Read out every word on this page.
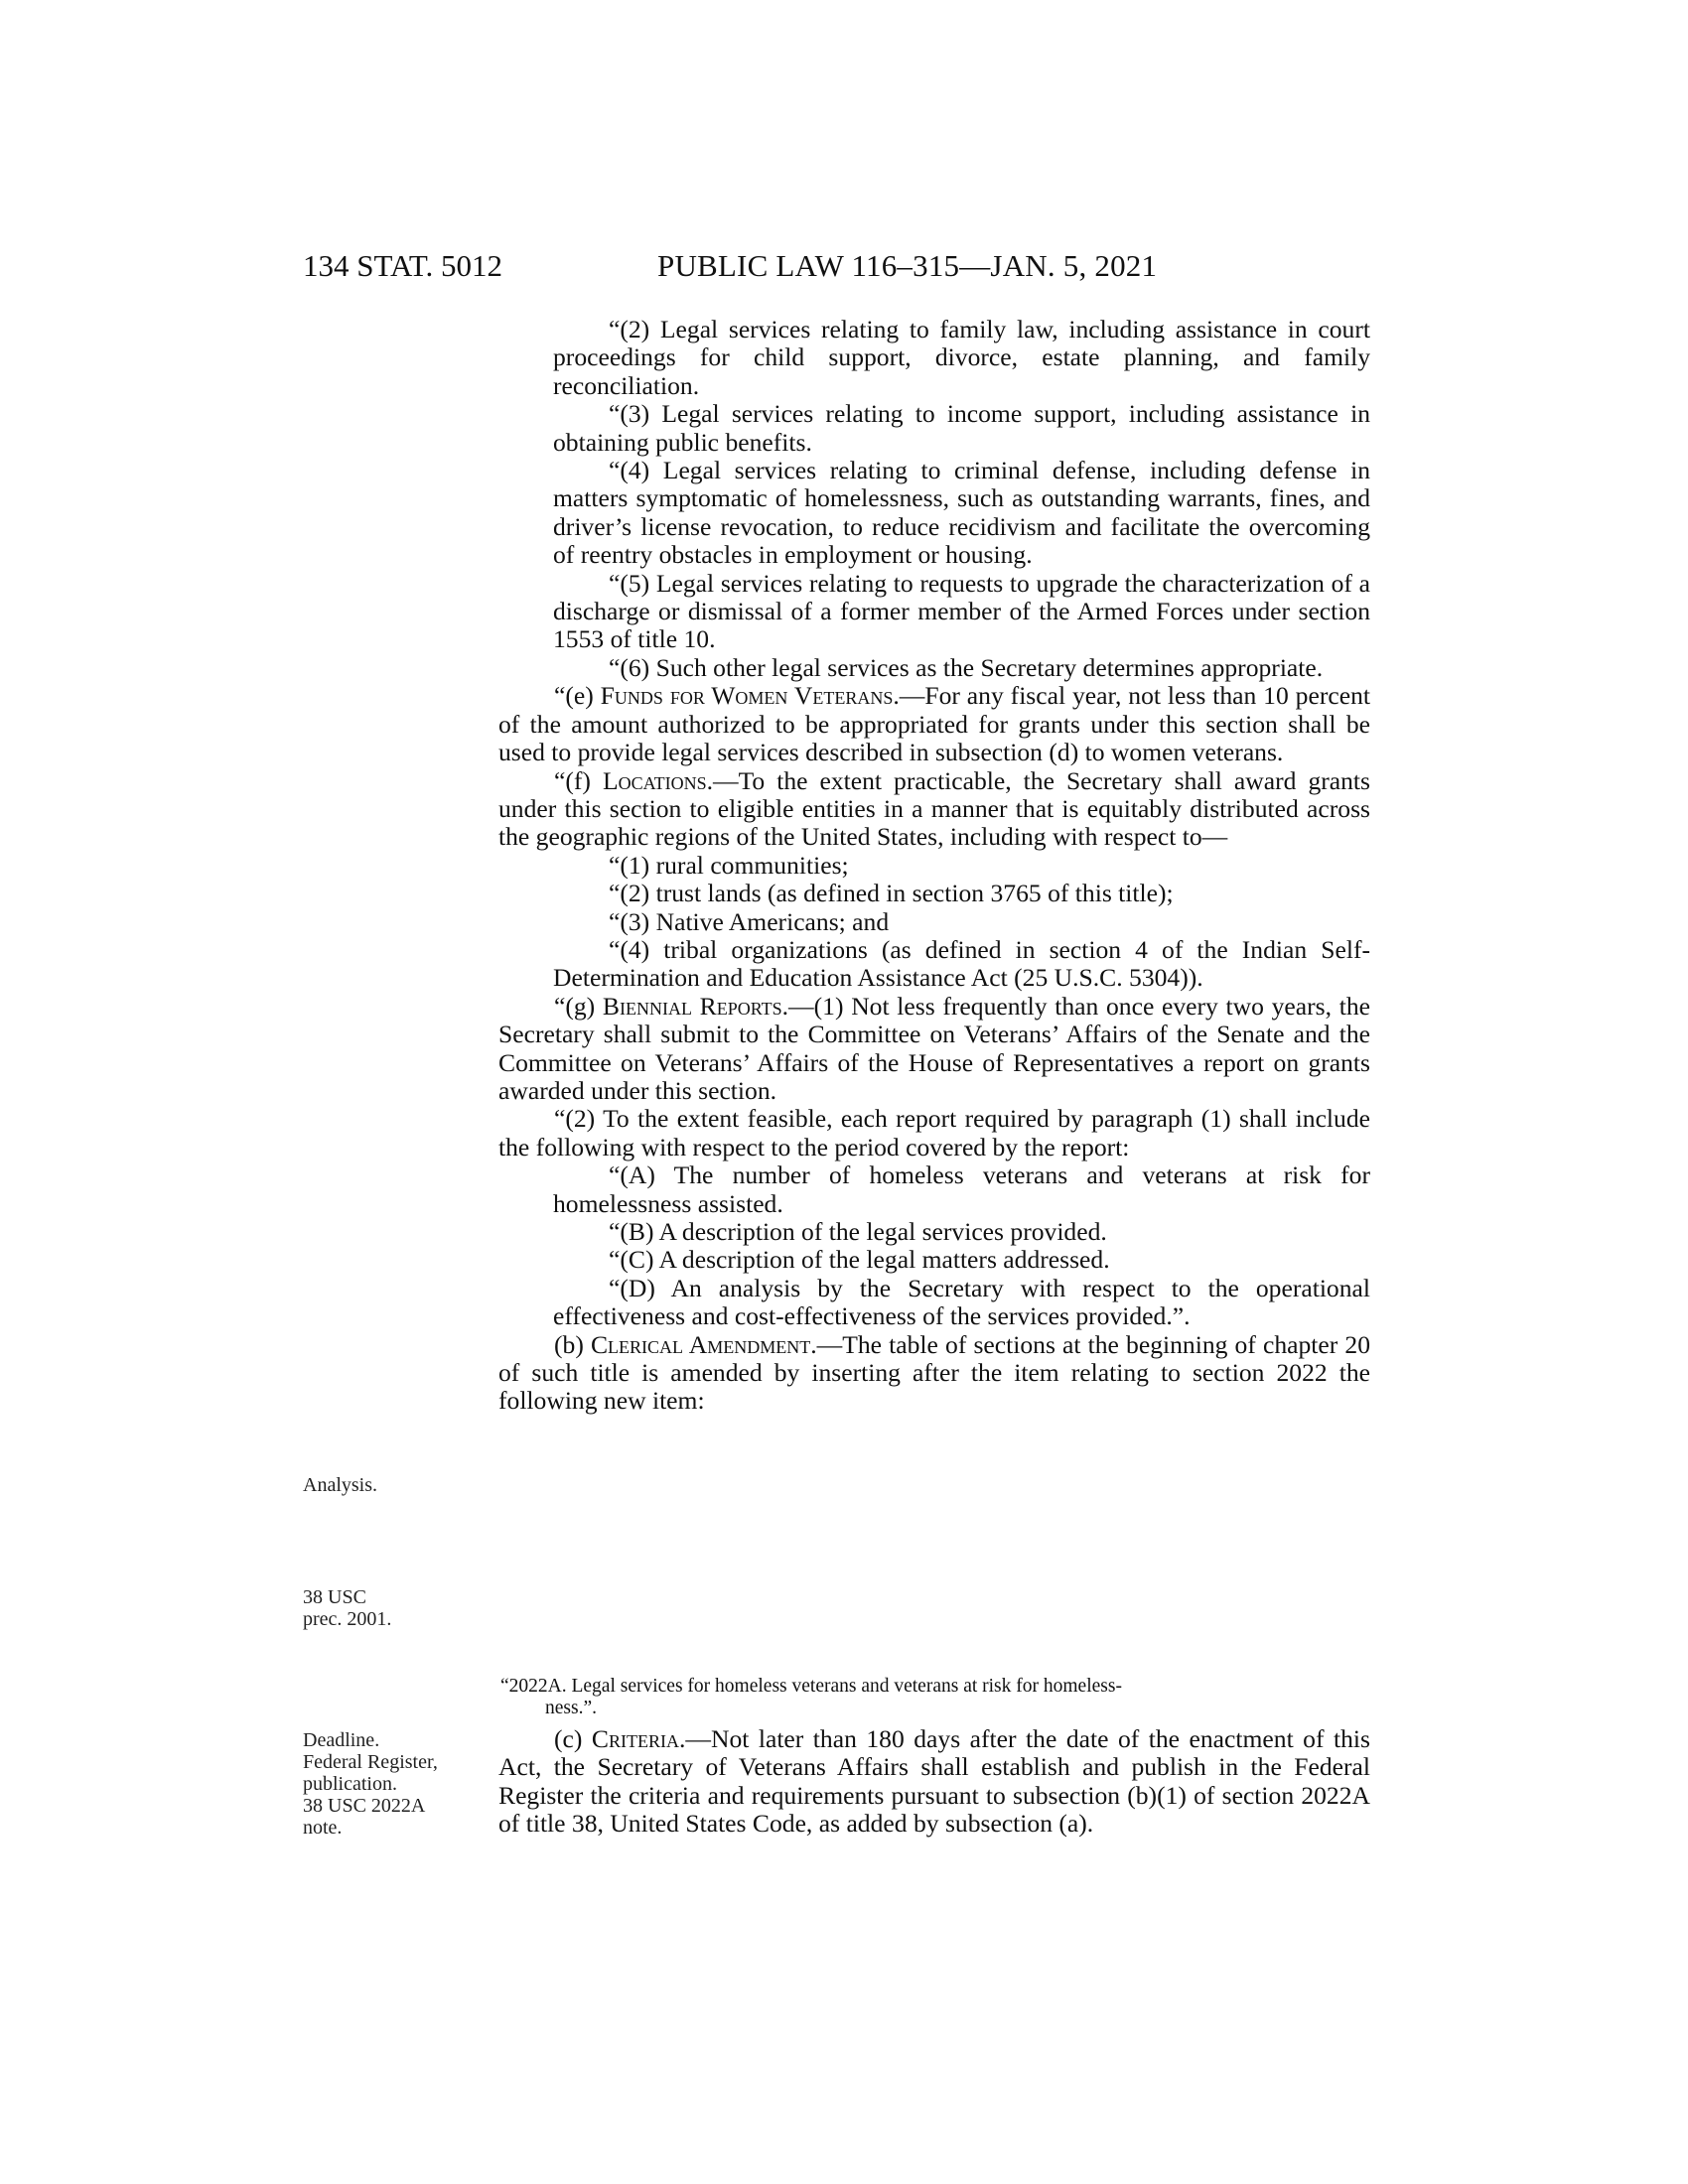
134 STAT. 5012	PUBLIC LAW 116–315—JAN. 5, 2021

“(2) Legal services relating to family law, including assistance in court proceedings for child support, divorce, estate planning, and family reconciliation.

“(3) Legal services relating to income support, including assistance in obtaining public benefits.

“(4) Legal services relating to criminal defense, including defense in matters symptomatic of homelessness, such as outstanding warrants, fines, and driver’s license revocation, to reduce recidivism and facilitate the overcoming of reentry obstacles in employment or housing.

“(5) Legal services relating to requests to upgrade the characterization of a discharge or dismissal of a former member of the Armed Forces under section 1553 of title 10.

“(6) Such other legal services as the Secretary determines appropriate.

“(e) Funds for Women Veterans.—For any fiscal year, not less than 10 percent of the amount authorized to be appropriated for grants under this section shall be used to provide legal services described in subsection (d) to women veterans.

“(f) Locations.—To the extent practicable, the Secretary shall award grants under this section to eligible entities in a manner that is equitably distributed across the geographic regions of the United States, including with respect to—

“(1) rural communities;

“(2) trust lands (as defined in section 3765 of this title);

“(3) Native Americans; and

“(4) tribal organizations (as defined in section 4 of the Indian Self-Determination and Education Assistance Act (25 U.S.C. 5304)).

“(g) Biennial Reports.—(1) Not less frequently than once every two years, the Secretary shall submit to the Committee on Veterans’ Affairs of the Senate and the Committee on Veterans’ Affairs of the House of Representatives a report on grants awarded under this section.

“(2) To the extent feasible, each report required by paragraph (1) shall include the following with respect to the period covered by the report:

“(A) The number of homeless veterans and veterans at risk for homelessness assisted.

“(B) A description of the legal services provided.

“(C) A description of the legal matters addressed.

“(D) An analysis by the Secretary with respect to the operational effectiveness and cost-effectiveness of the services provided.”.

(b) Clerical Amendment.—The table of sections at the beginning of chapter 20 of such title is amended by inserting after the item relating to section 2022 the following new item:

“2022A. Legal services for homeless veterans and veterans at risk for homeless-

ness.”.

(c) Criteria.—Not later than 180 days after the date of the enactment of this Act, the Secretary of Veterans Affairs shall establish and publish in the Federal Register the criteria and requirements pursuant to subsection (b)(1) of section 2022A of title 38, United States Code, as added by subsection (a).

Analysis.
38 USC
prec. 2001.
Deadline.
Federal Register,
publication.
38 USC 2022A
note.
